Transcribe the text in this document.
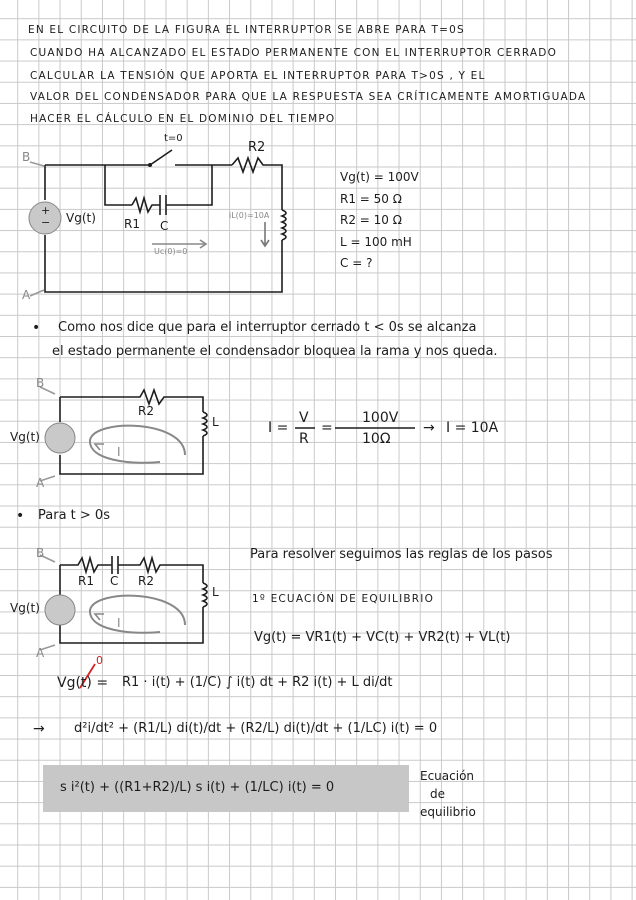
EN EL CIRCUITO DE LA FIGURA EL INTERRUPTOR SE ABRE PARA T=0S
CUANDO HA ALCANZADO EL ESTADO PERMANENTE CON EL INTERRUPTOR CERRADO
CALCULAR LA TENSIÓN QUE APORTA EL INTERRUPTOR PARA T>0S , Y EL
VALOR DEL CONDENSADOR PARA QUE LA RESPUESTA SEA CRÍTICAMENTE AMORTIGUADA
HACER EL CÁLCULO EN EL DOMINIO DEL TIEMPO
B
A
t=0
R2
R1 C
Vg(t)	iL(0)=10A
Uc(0)=0
+
−
Vg(t) = 100V
R1 = 50 Ω
R2 = 10 Ω
L = 100 mH
C = ?
• Como nos dice que para el interruptor cerrado t < 0s se alcanza
el estado permanente el condensador bloquea la rama y nos queda.
B
A
R2
L
Vg(t)
I
I =
V
R
=
100V
10Ω
→ I = 10A
• Para t > 0s
B
A
R1 C R2
L
Vg(t)
I
Para resolver seguimos las reglas de los pasos
1º ECUACIÓN DE EQUILIBRIO
Vg(t) = VR1(t) + VC(t) + VR2(t) + VL(t)
Vg(t) =
0
R1 · i(t) + (1/C) ∫ i(t) dt + R2 i(t) + L di/dt
→ d²i/dt² + (R1/L) di(t)/dt + (R2/L) di(t)/dt + (1/LC) i(t) = 0
s i²(t) + ((R1+R2)/L) s i(t) + (1/LC) i(t) = 0
Ecuación
de
equilibrio
